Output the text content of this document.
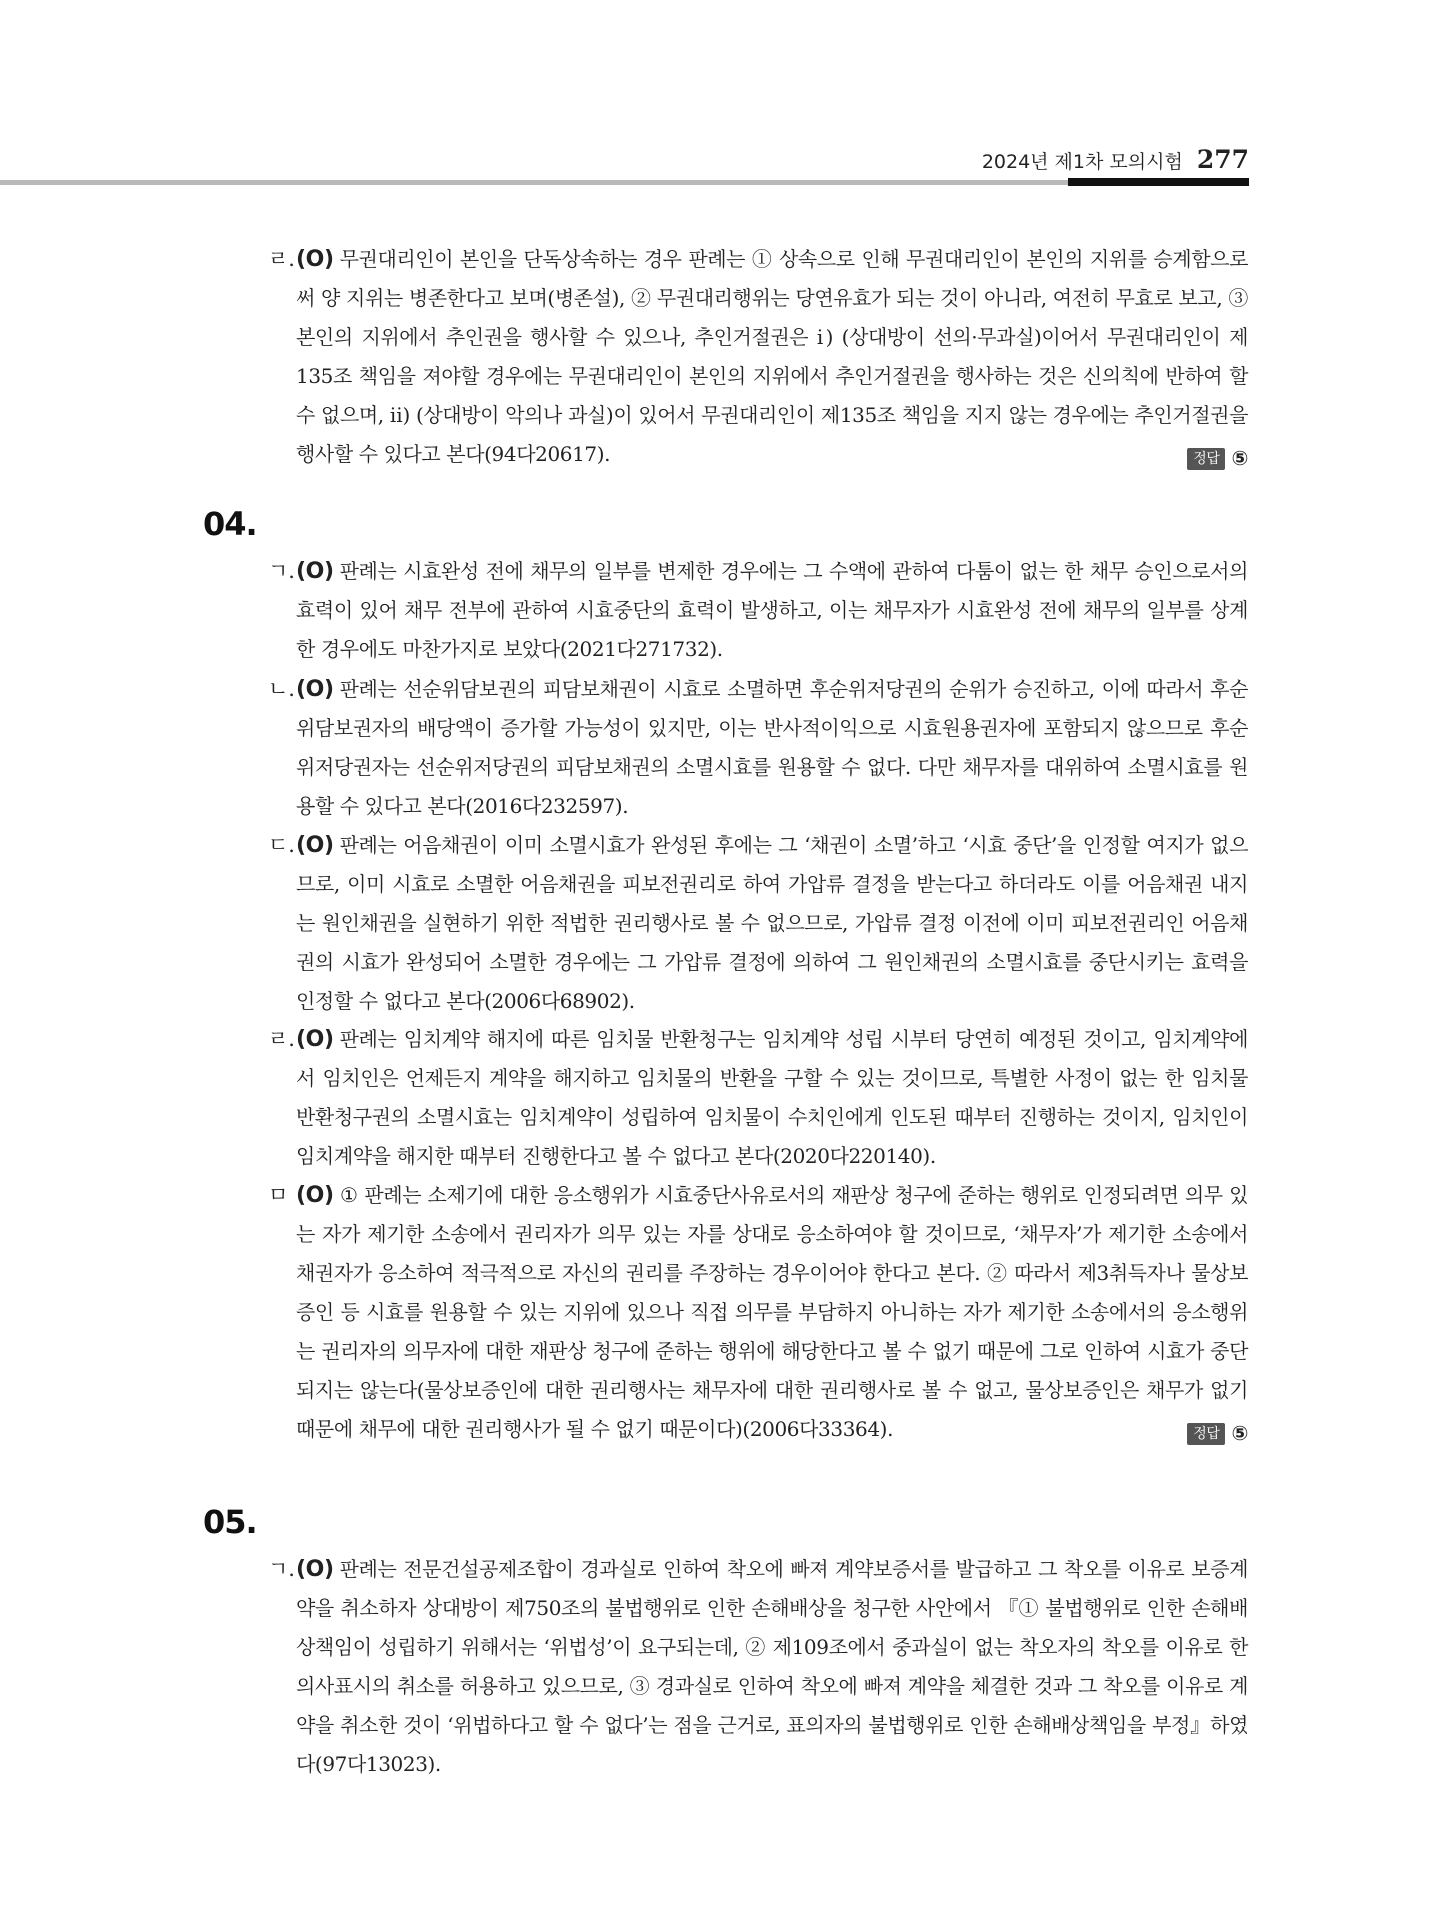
2024년 제1차 모의시험 277
ㄹ. (O) 무권대리인이 본인을 단독상속하는 경우 판례는 ① 상속으로 인해 무권대리인이 본인의 지위를 승계함으로써 양 지위는 병존한다고 보며(병존설), ② 무권대리행위는 당연유효가 되는 것이 아니라, 여전히 무효로 보고, ③ 본인의 지위에서 추인권을 행사할 수 있으나, 추인거절권은 ⅰ) (상대방이 선의·무과실)이어서 무권대리인이 제135조 책임을 져야할 경우에는 무권대리인이 본인의 지위에서 추인거절권을 행사하는 것은 신의칙에 반하여 할 수 없으며, ⅱ) (상대방이 악의나 과실)이 있어서 무권대리인이 제135조 책임을 지지 않는 경우에는 추인거절권을 행사할 수 있다고 본다(94다20617).	정답 ⑤
04.
ㄱ. (O) 판례는 시효완성 전에 채무의 일부를 변제한 경우에는 그 수액에 관하여 다툼이 없는 한 채무 승인으로서의 효력이 있어 채무 전부에 관하여 시효중단의 효력이 발생하고, 이는 채무자가 시효완성 전에 채무의 일부를 상계한 경우에도 마찬가지로 보았다(2021다271732).
ㄴ. (O) 판례는 선순위담보권의 피담보채권이 시효로 소멸하면 후순위저당권의 순위가 승진하고, 이에 따라서 후순위담보권자의 배당액이 증가할 가능성이 있지만, 이는 반사적이익으로 시효원용권자에 포함되지 않으므로 후순위저당권자는 선순위저당권의 피담보채권의 소멸시효를 원용할 수 없다. 다만 채무자를 대위하여 소멸시효를 원용할 수 있다고 본다(2016다232597).
ㄷ. (O) 판례는 어음채권이 이미 소멸시효가 완성된 후에는 그 ‘채권이 소멸’하고 ‘시효 중단’을 인정할 여지가 없으므로, 이미 시효로 소멸한 어음채권을 피보전권리로 하여 가압류 결정을 받는다고 하더라도 이를 어음채권 내지는 원인채권을 실현하기 위한 적법한 권리행사로 볼 수 없으므로, 가압류 결정 이전에 이미 피보전권리인 어음채권의 시효가 완성되어 소멸한 경우에는 그 가압류 결정에 의하여 그 원인채권의 소멸시효를 중단시키는 효력을 인정할 수 없다고 본다(2006다68902).
ㄹ. (O) 판례는 임치계약 해지에 따른 임치물 반환청구는 임치계약 성립 시부터 당연히 예정된 것이고, 임치계약에서 임치인은 언제든지 계약을 해지하고 임치물의 반환을 구할 수 있는 것이므로, 특별한 사정이 없는 한 임치물 반환청구권의 소멸시효는 임치계약이 성립하여 임치물이 수치인에게 인도된 때부터 진행하는 것이지, 임치인이 임치계약을 해지한 때부터 진행한다고 볼 수 없다고 본다(2020다220140).
ㅁ (O) ① 판례는 소제기에 대한 응소행위가 시효중단사유로서의 재판상 청구에 준하는 행위로 인정되려면 의무 있는 자가 제기한 소송에서 권리자가 의무 있는 자를 상대로 응소하여야 할 것이므로, ‘채무자’가 제기한 소송에서 채권자가 응소하여 적극적으로 자신의 권리를 주장하는 경우이어야 한다고 본다. ② 따라서 제3취득자나 물상보증인 등 시효를 원용할 수 있는 지위에 있으나 직접 의무를 부담하지 아니하는 자가 제기한 소송에서의 응소행위는 권리자의 의무자에 대한 재판상 청구에 준하는 행위에 해당한다고 볼 수 없기 때문에 그로 인하여 시효가 중단되지는 않는다(물상보증인에 대한 권리행사는 채무자에 대한 권리행사로 볼 수 없고, 물상보증인은 채무가 없기 때문에 채무에 대한 권리행사가 될 수 없기 때문이다)(2006다33364).	정답 ⑤
05.
ㄱ. (O) 판례는 전문건설공제조합이 경과실로 인하여 착오에 빠져 계약보증서를 발급하고 그 착오를 이유로 보증계약을 취소하자 상대방이 제750조의 불법행위로 인한 손해배상을 청구한 사안에서 『① 불법행위로 인한 손해배상책임이 성립하기 위해서는 ‘위법성’이 요구되는데, ② 제109조에서 중과실이 없는 착오자의 착오를 이유로 한 의사표시의 취소를 허용하고 있으므로, ③ 경과실로 인하여 착오에 빠져 계약을 체결한 것과 그 착오를 이유로 계약을 취소한 것이 ‘위법하다고 할 수 없다’는 점을 근거로, 표의자의 불법행위로 인한 손해배상책임을 부정』하였다(97다13023).
